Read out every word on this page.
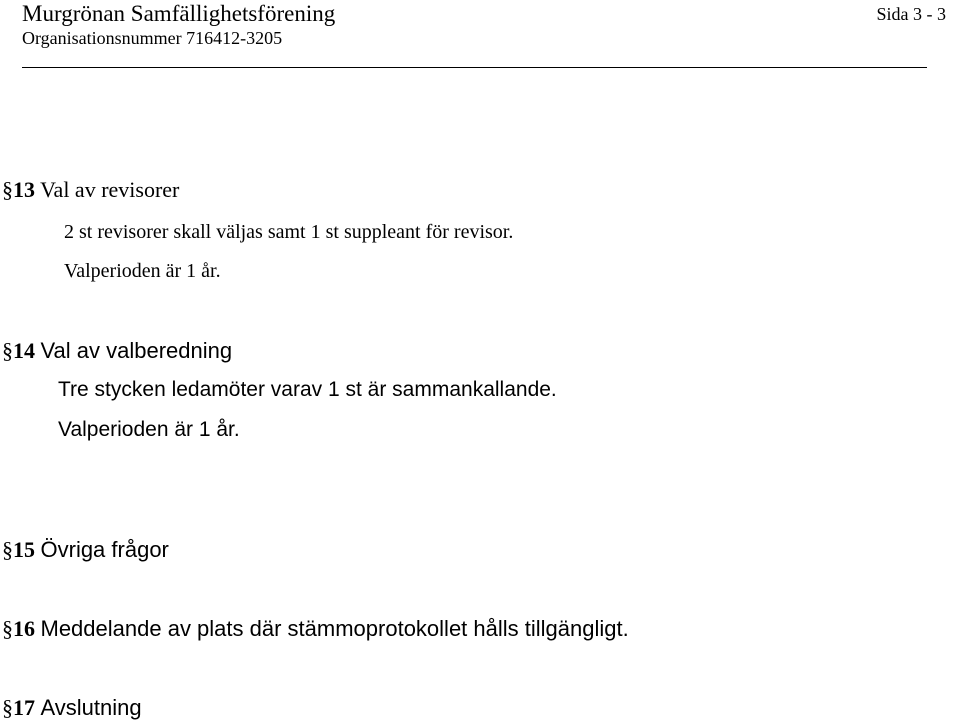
Murgrönan Samfällighetsförening
Organisationsnummer 716412-3205
Sida 3 - 3
§13 Val av revisorer
2 st revisorer skall väljas samt 1 st suppleant för revisor.
Valperioden är 1 år.
§14 Val av valberedning
Tre stycken ledamöter varav 1 st är sammankallande.
Valperioden är 1 år.
§15 Övriga frågor
§16 Meddelande av plats där stämmoprotokollet hålls tillgängligt.
§17 Avslutning
